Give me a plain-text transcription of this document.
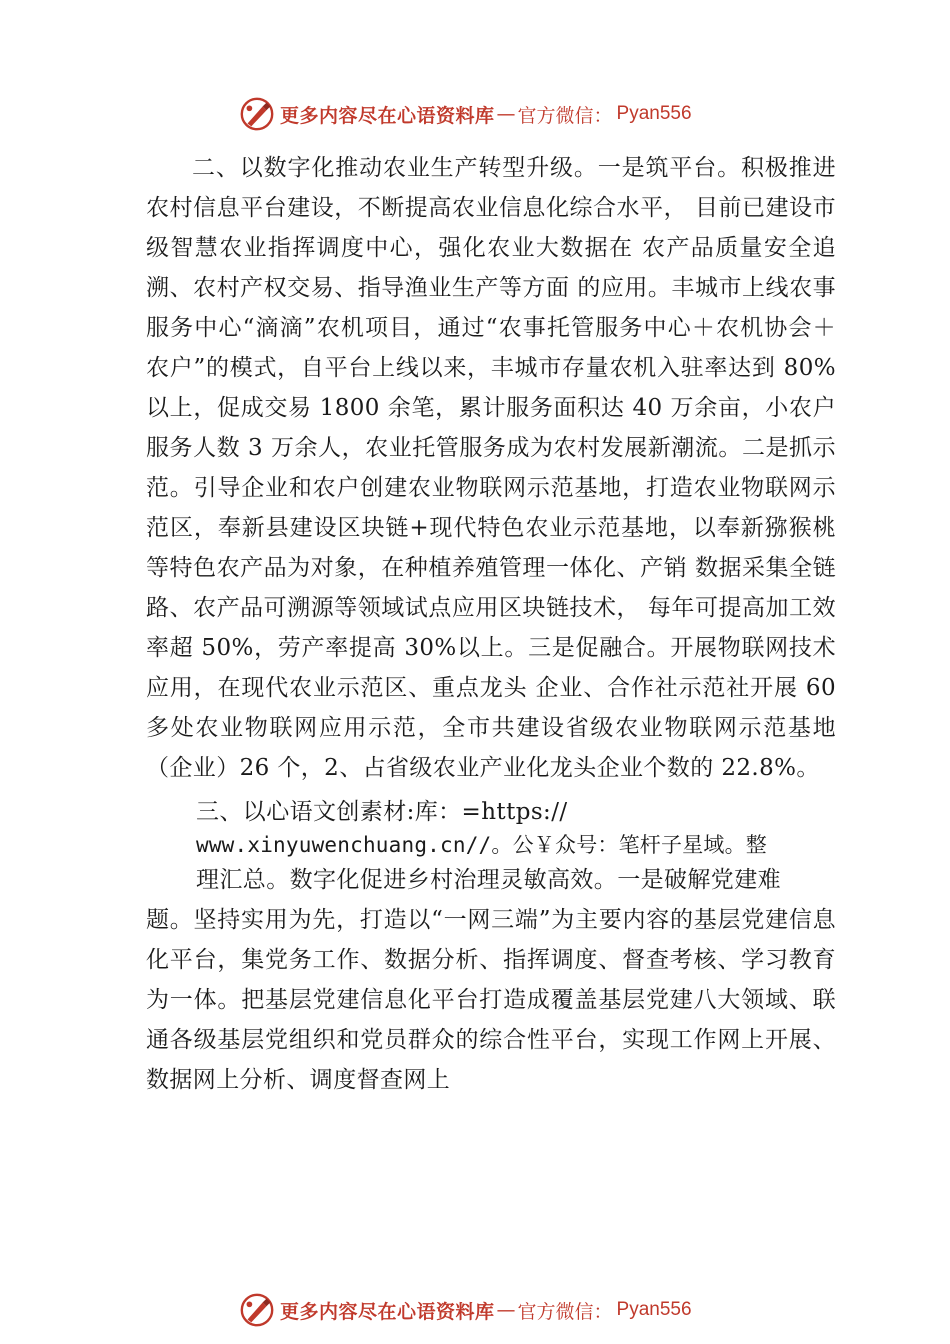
更多内容尽在心语资料库 — 官方微信： Pyan556

二、以数字化推动农业生产转型升级。一是筑平台。积极推进农村信息平台建设，不断提高农业信息化综合水平， 目前已建设市级智慧农业指挥调度中心，强化农业大数据在 农产品质量安全追溯、农村产权交易、指导渔业生产等方面 的应用。丰城市上线农事服务中心“滴滴”农机项目，通过“农事托管服务中心＋农机协会＋农户”的模式，自平台上线以来，丰城市存量农机入驻率达到 80%以上，促成交易 1800 余笔，累计服务面积达 40 万余亩，小农户服务人数 3 万余人，农业托管服务成为农村发展新潮流。二是抓示范。引导企业和农户创建农业物联网示范基地，打造农业物联网示范区，奉新县建设区块链+现代特色农业示范基地，以奉新猕猴桃等特色农产品为对象，在种植养殖管理一体化、产销 数据采集全链路、农产品可溯源等领域试点应用区块链技术， 每年可提高加工效率超 50%，劳产率提高 30%以上。三是促融合。开展物联网技术应用，在现代农业示范区、重点龙头 企业、合作社示范社开展 60 多处农业物联网应用示范，全市共建设省级农业物联网示范基地（企业）26 个，2、占省级农业产业化龙头企业个数的 22.8%。

三、以心语文创素材:库：=https://

www.xinyuwenchuang.cn//。公￥众号：笔杆子星域。整

理汇总。数字化促进乡村治理灵敏高效。一是破解党建难

题。坚持实用为先，打造以“一网三端”为主要内容的基层党建信息化平台，集党务工作、数据分析、指挥调度、督查考核、学习教育为一体。把基层党建信息化平台打造成覆盖基层党建八大领域、联通各级基层党组织和党员群众的综合性平台，实现工作网上开展、数据网上分析、调度督查网上

更多内容尽在心语资料库 — 官方微信： Pyan556
